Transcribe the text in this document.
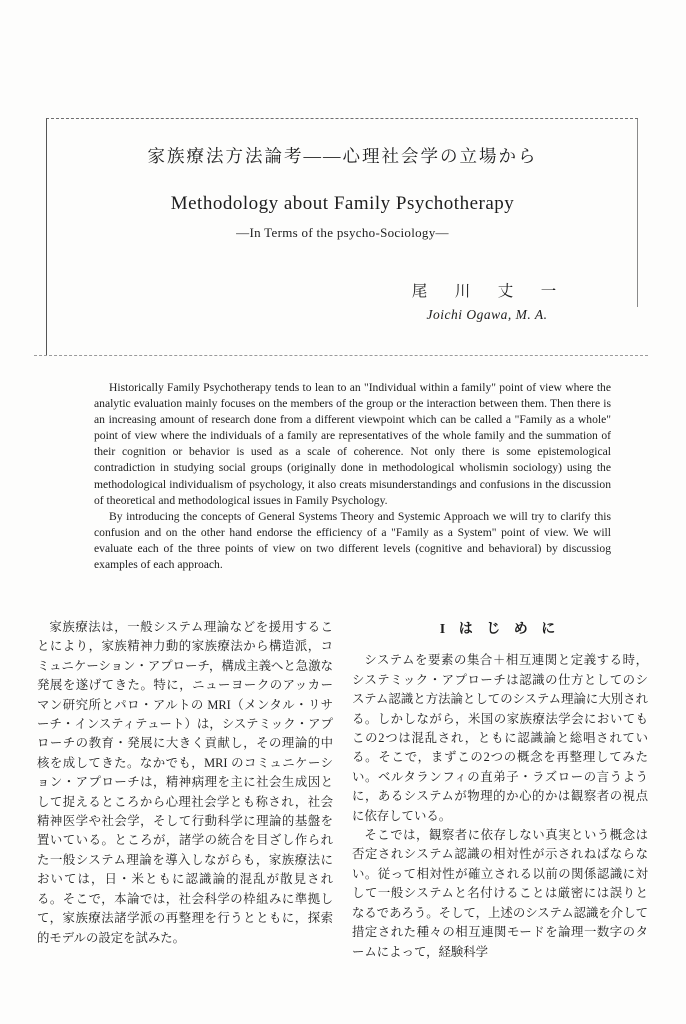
家族療法方法論考——心理社会学の立場から
Methodology about Family Psychotherapy
—In Terms of the psycho-Sociology—
尾　川　丈　一
Joichi Ogawa, M. A.

Historically Family Psychotherapy tends to lean to an "Individual within a family" point of view where the analytic evaluation mainly focuses on the members of the group or the interaction between them. Then there is an increasing amount of research done from a different viewpoint which can be called a "Family as a whole" point of view where the individuals of a family are representatives of the whole family and the summation of their cognition or behavior is used as a scale of coherence. Not only there is some epistemological contradiction in studying social groups (originally done in methodological wholismin sociology) using the methodological individualism of psychology, it also creats misunderstandings and confusions in the discussion of theoretical and methodological issues in Family Psychology.

By introducing the concepts of General Systems Theory and Systemic Approach we will try to clarify this confusion and on the other hand endorse the efficiency of a "Family as a System" point of view. We will evaluate each of the three points of view on two different levels (cognitive and behavioral) by discussiog examples of each approach.

家族療法は，一般システム理論などを援用することにより，家族精神力動的家族療法から構造派，コミュニケーション・アプローチ，構成主義へと急激な発展を遂げてきた。特に，ニューヨークのアッカーマン研究所とパロ・アルトの MRI（メンタル・リサーチ・インスティテュート）は，システミック・アプローチの教育・発展に大きく貢献し，その理論的中核を成してきた。なかでも，MRI のコミュニケーション・アプローチは，精神病理を主に社会生成因として捉えるところから心理社会学とも称され，社会精神医学や社会学，そして行動科学に理論的基盤を置いている。ところが，諸学の統合を目ざし作られた一般システム理論を導入しながらも，家族療法においては，日・米ともに認識論的混乱が散見される。そこで，本論では，社会科学の枠組みに準拠して，家族療法諸学派の再整理を行うとともに，探索的モデルの設定を試みた。

I は じ め に

システムを要素の集合＋相互連関と定義する時，システミック・アプローチは認識の仕方としてのシステム認識と方法論としてのシステム理論に大別される。しかしながら，米国の家族療法学会においてもこの2つは混乱され，ともに認識論と総唱されている。そこで，まずこの2つの概念を再整理してみたい。ベルタランフィの直弟子・ラズローの言うように，あるシステムが物理的か心的かは観察者の視点に依存している。

そこでは，観察者に依存しない真実という概念は否定されシステム認識の相対性が示されねばならない。従って相対性が確立される以前の関係認識に対して一般システムと名付けることは厳密には誤りとなるであろう。そして，上述のシステム認識を介して措定された種々の相互連関モードを論理一数字のタームによって，経験科学
